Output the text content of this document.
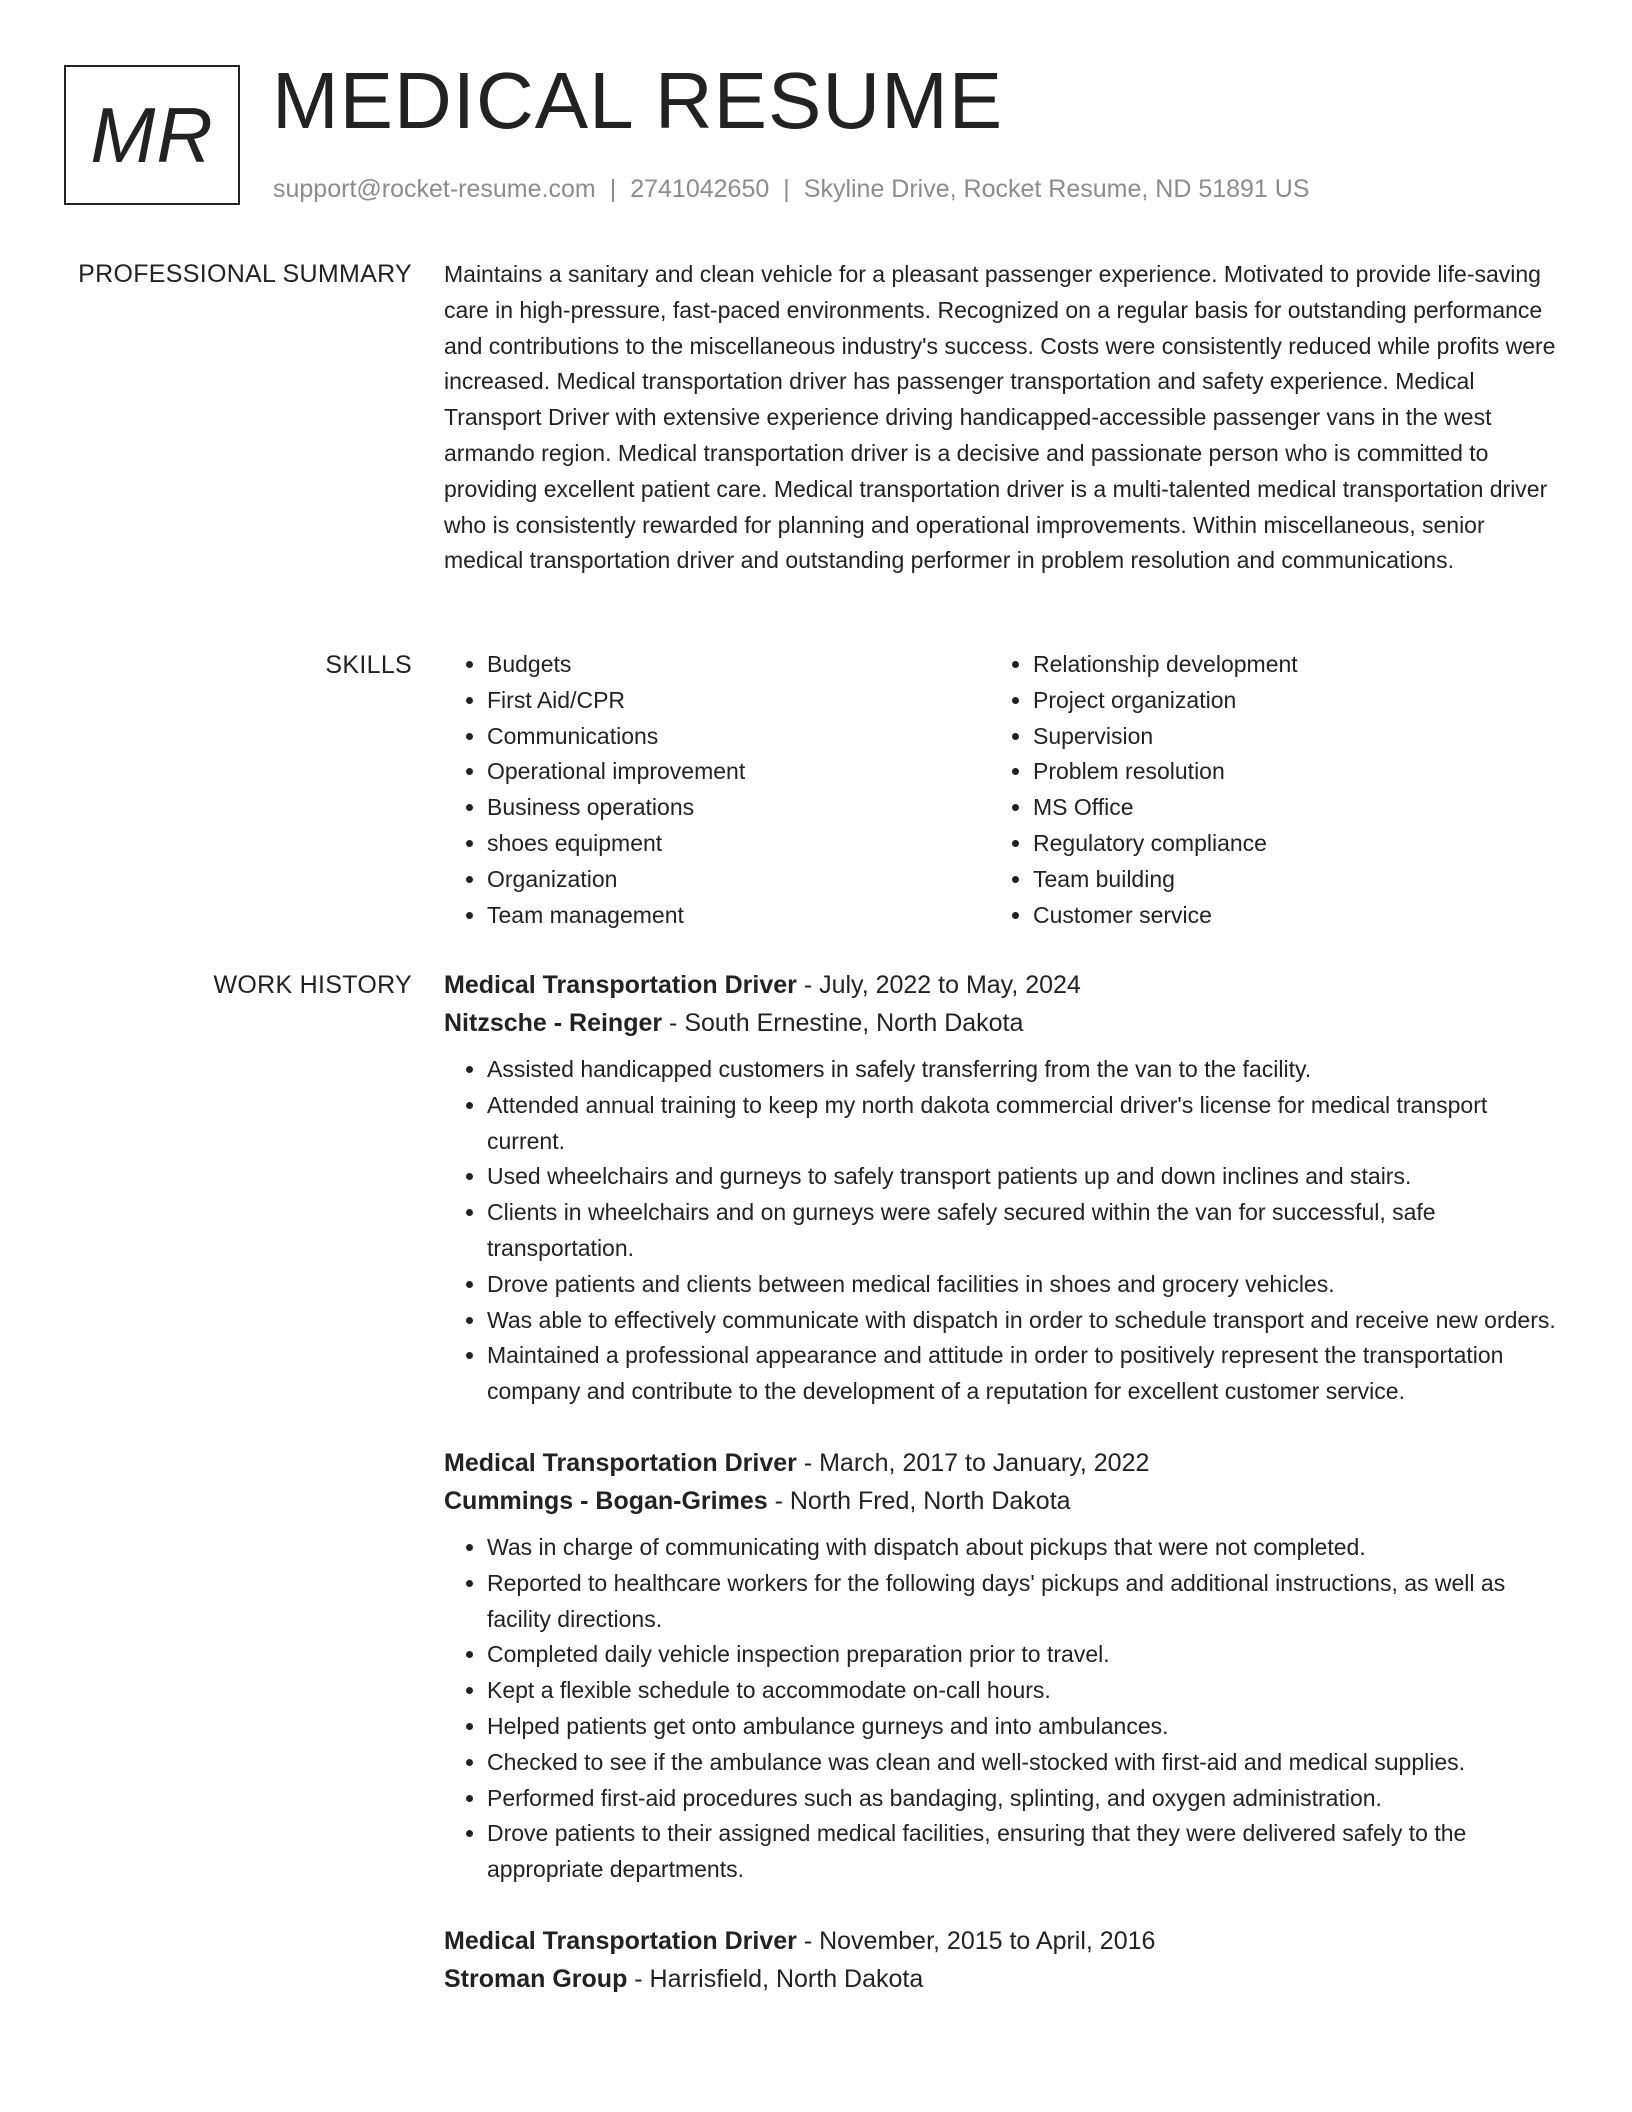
MR MEDICAL RESUME
support@rocket-resume.com | 2741042650 | Skyline Drive, Rocket Resume, ND 51891 US
PROFESSIONAL SUMMARY Maintains a sanitary and clean vehicle for a pleasant passenger experience. Motivated to provide life-saving care in high-pressure, fast-paced environments. Recognized on a regular basis for outstanding performance and contributions to the miscellaneous industry's success. Costs were consistently reduced while profits were increased. Medical transportation driver has passenger transportation and safety experience. Medical Transport Driver with extensive experience driving handicapped-accessible passenger vans in the west armando region. Medical transportation driver is a decisive and passionate person who is committed to providing excellent patient care. Medical transportation driver is a multi-talented medical transportation driver who is consistently rewarded for planning and operational improvements. Within miscellaneous, senior medical transportation driver and outstanding performer in problem resolution and communications.

SKILLS
•	Budgets
• First Aid/CPR
• Communications
• Operational improvement
• Business operations
• shoes equipment
• Organization
• Team management
• Relationship development
• Project organization
• Supervision
• Problem resolution
• MS Office
• Regulatory compliance
• Team building
• Customer service
WORK HISTORY Medical Transportation Driver - July, 2022 to May, 2024
Nitzsche - Reinger - South Ernestine, North Dakota
• Assisted handicapped customers in safely transferring from the van to the facility.
• Attended annual training to keep my north dakota commercial driver's license for medical transport current.
• Used wheelchairs and gurneys to safely transport patients up and down inclines and stairs.
• Clients in wheelchairs and on gurneys were safely secured within the van for successful, safe transportation.
• Drove patients and clients between medical facilities in shoes and grocery vehicles.
• Was able to effectively communicate with dispatch in order to schedule transport and receive new orders.
• Maintained a professional appearance and attitude in order to positively represent the transportation company and contribute to the development of a reputation for excellent customer service.
Medical Transportation Driver - March, 2017 to January, 2022
Cummings - Bogan-Grimes - North Fred, North Dakota
• Was in charge of communicating with dispatch about pickups that were not completed.
• Reported to healthcare workers for the following days' pickups and additional instructions, as well as facility directions.
• Completed daily vehicle inspection preparation prior to travel.
• Kept a flexible schedule to accommodate on-call hours.
• Helped patients get onto ambulance gurneys and into ambulances.
• Checked to see if the ambulance was clean and well-stocked with first-aid and medical supplies.
• Performed first-aid procedures such as bandaging, splinting, and oxygen administration.
• Drove patients to their assigned medical facilities, ensuring that they were delivered safely to the appropriate departments.
Medical Transportation Driver - November, 2015 to April, 2016
Stroman Group - Harrisfield, North Dakota
